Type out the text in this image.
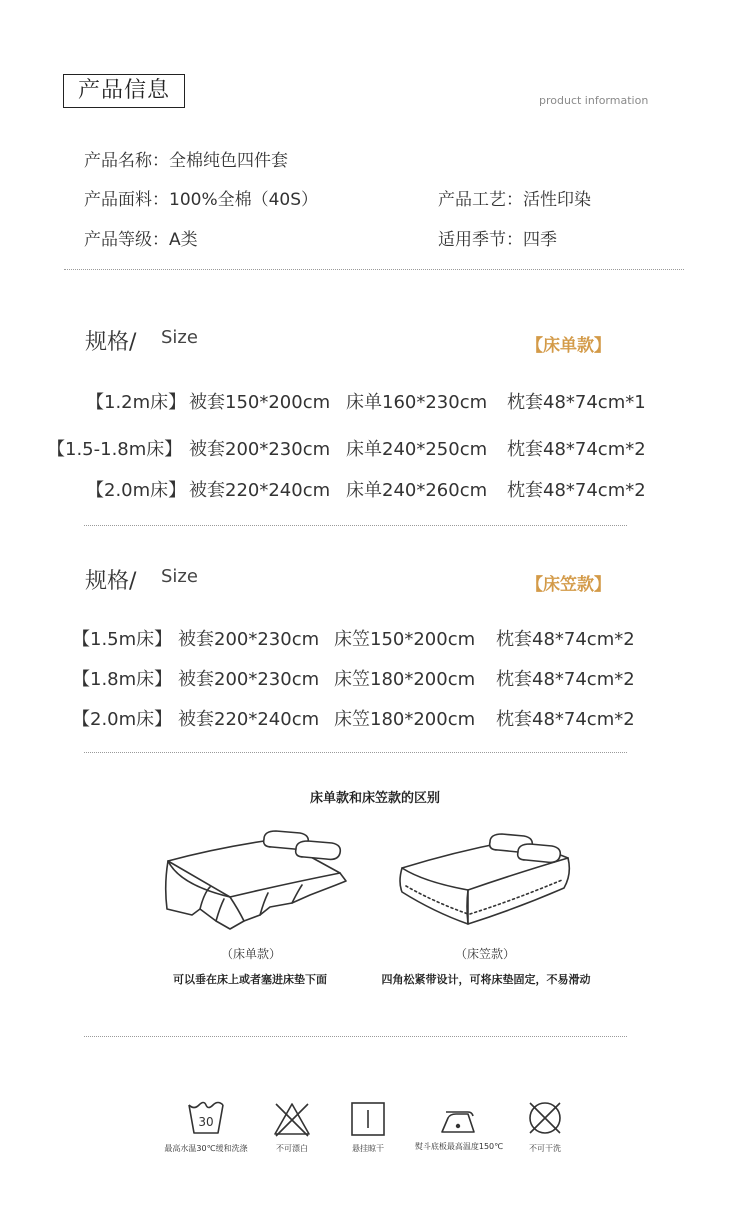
产品信息	product information
产品名称：全棉纯色四件套
产品面料：100%全棉（40S）	产品工艺：活性印染
产品等级：A类	适用季节：四季
规格/ Size	【床单款】
【1.2m床】 被套150*200cm 床单160*230cm 枕套48*74cm*1
【1.5-1.8m床】 被套200*230cm 床单240*250cm 枕套48*74cm*2
【2.0m床】 被套220*240cm 床单240*260cm 枕套48*74cm*2
规格/ Size	【床笠款】
【1.5m床】 被套200*230cm 床笠150*200cm 枕套48*74cm*2
【1.8m床】 被套200*230cm 床笠180*200cm 枕套48*74cm*2
【2.0m床】 被套220*240cm 床笠180*200cm 枕套48*74cm*2
床单款和床笠款的区别
（床单款）
可以垂在床上或者塞进床垫下面
（床笠款）
四角松紧带设计，可将床垫固定，不易滑动
30
最高水温30℃缓和洗涤	不可漂白	悬挂晾干	熨斗底板最高温度150℃	不可干洗
